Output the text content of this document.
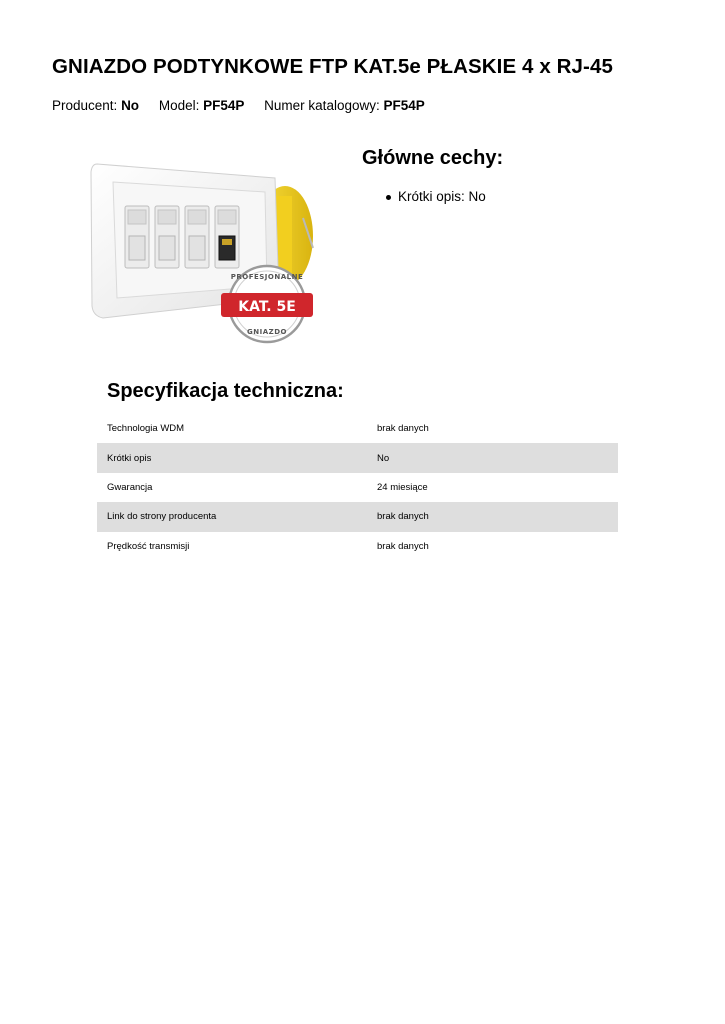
GNIAZDO PODTYNKOWE FTP KAT.5e PŁASKIE 4 x RJ-45
Producent: No Model: PF54P Numer katalogowy: PF54P
PROFESJONALNE
KAT. 5E
GNIAZDO
Główne cechy:
Krótki opis: No
Specyfikacja techniczna:
Technologia WDM	brak danych
Krótki opis	No
Gwarancja	24 miesiące
Link do strony producenta	brak danych
Prędkość transmisji	brak danych
